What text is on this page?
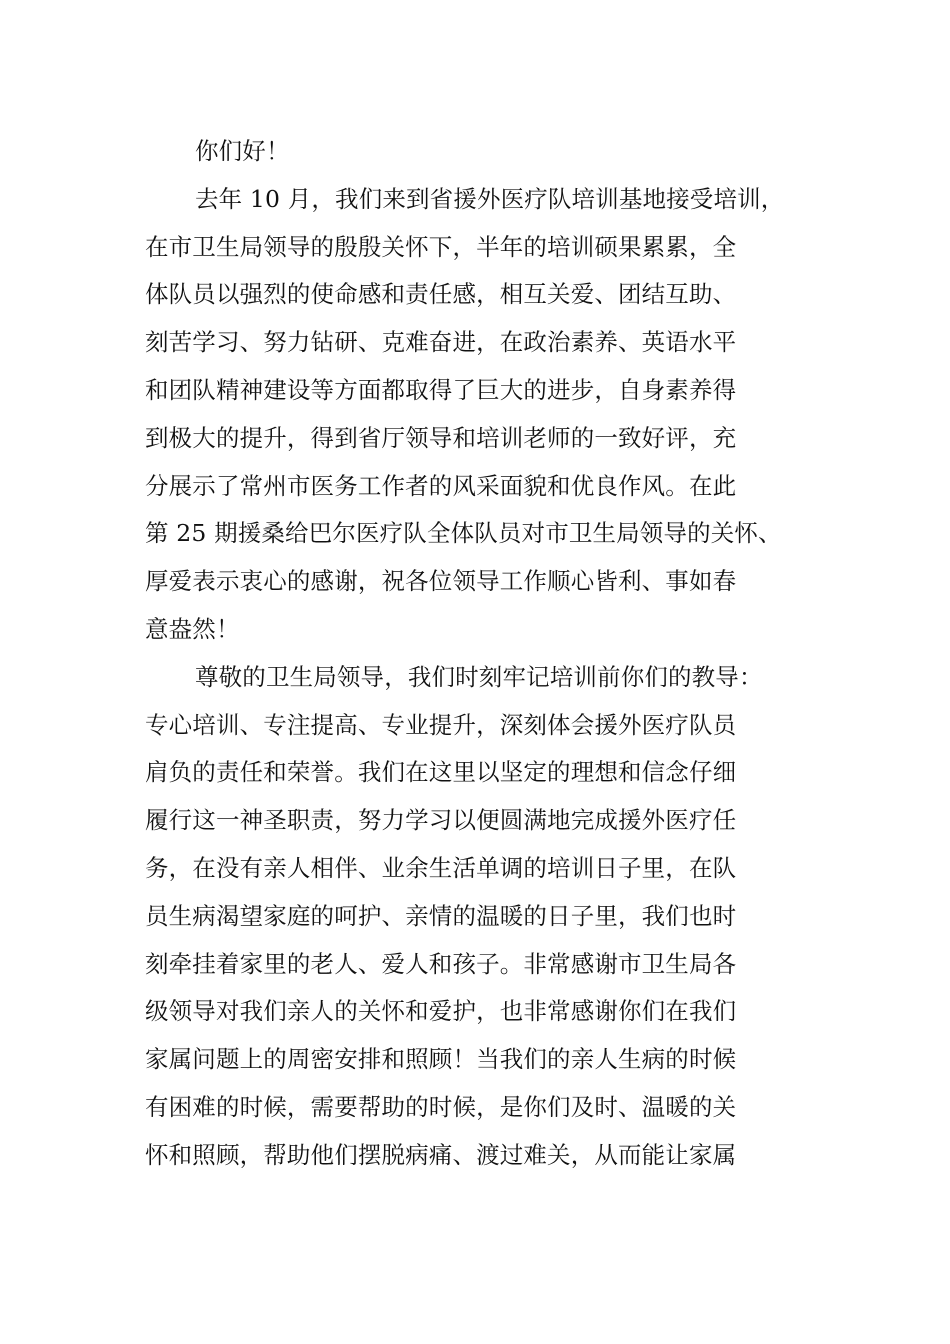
你们好！
去年 10 月，我们来到省援外医疗队培训基地接受培训，
在市卫生局领导的殷殷关怀下，半年的培训硕果累累，全
体队员以强烈的使命感和责任感，相互关爱、团结互助、
刻苦学习、努力钻研、克难奋进，在政治素养、英语水平
和团队精神建设等方面都取得了巨大的进步，自身素养得
到极大的提升，得到省厅领导和培训老师的一致好评，充
分展示了常州市医务工作者的风采面貌和优良作风。在此
第 25 期援桑给巴尔医疗队全体队员对市卫生局领导的关怀、
厚爱表示衷心的感谢，祝各位领导工作顺心皆利、事如春
意盎然！
尊敬的卫生局领导，我们时刻牢记培训前你们的教导：
专心培训、专注提高、专业提升，深刻体会援外医疗队员
肩负的责任和荣誉。我们在这里以坚定的理想和信念仔细
履行这一神圣职责，努力学习以便圆满地完成援外医疗任
务，在没有亲人相伴、业余生活单调的培训日子里，在队
员生病渴望家庭的呵护、亲情的温暖的日子里，我们也时
刻牵挂着家里的老人、爱人和孩子。非常感谢市卫生局各
级领导对我们亲人的关怀和爱护，也非常感谢你们在我们
家属问题上的周密安排和照顾！当我们的亲人生病的时候
有困难的时候，需要帮助的时候，是你们及时、温暖的关
怀和照顾，帮助他们摆脱病痛、渡过难关，从而能让家属
